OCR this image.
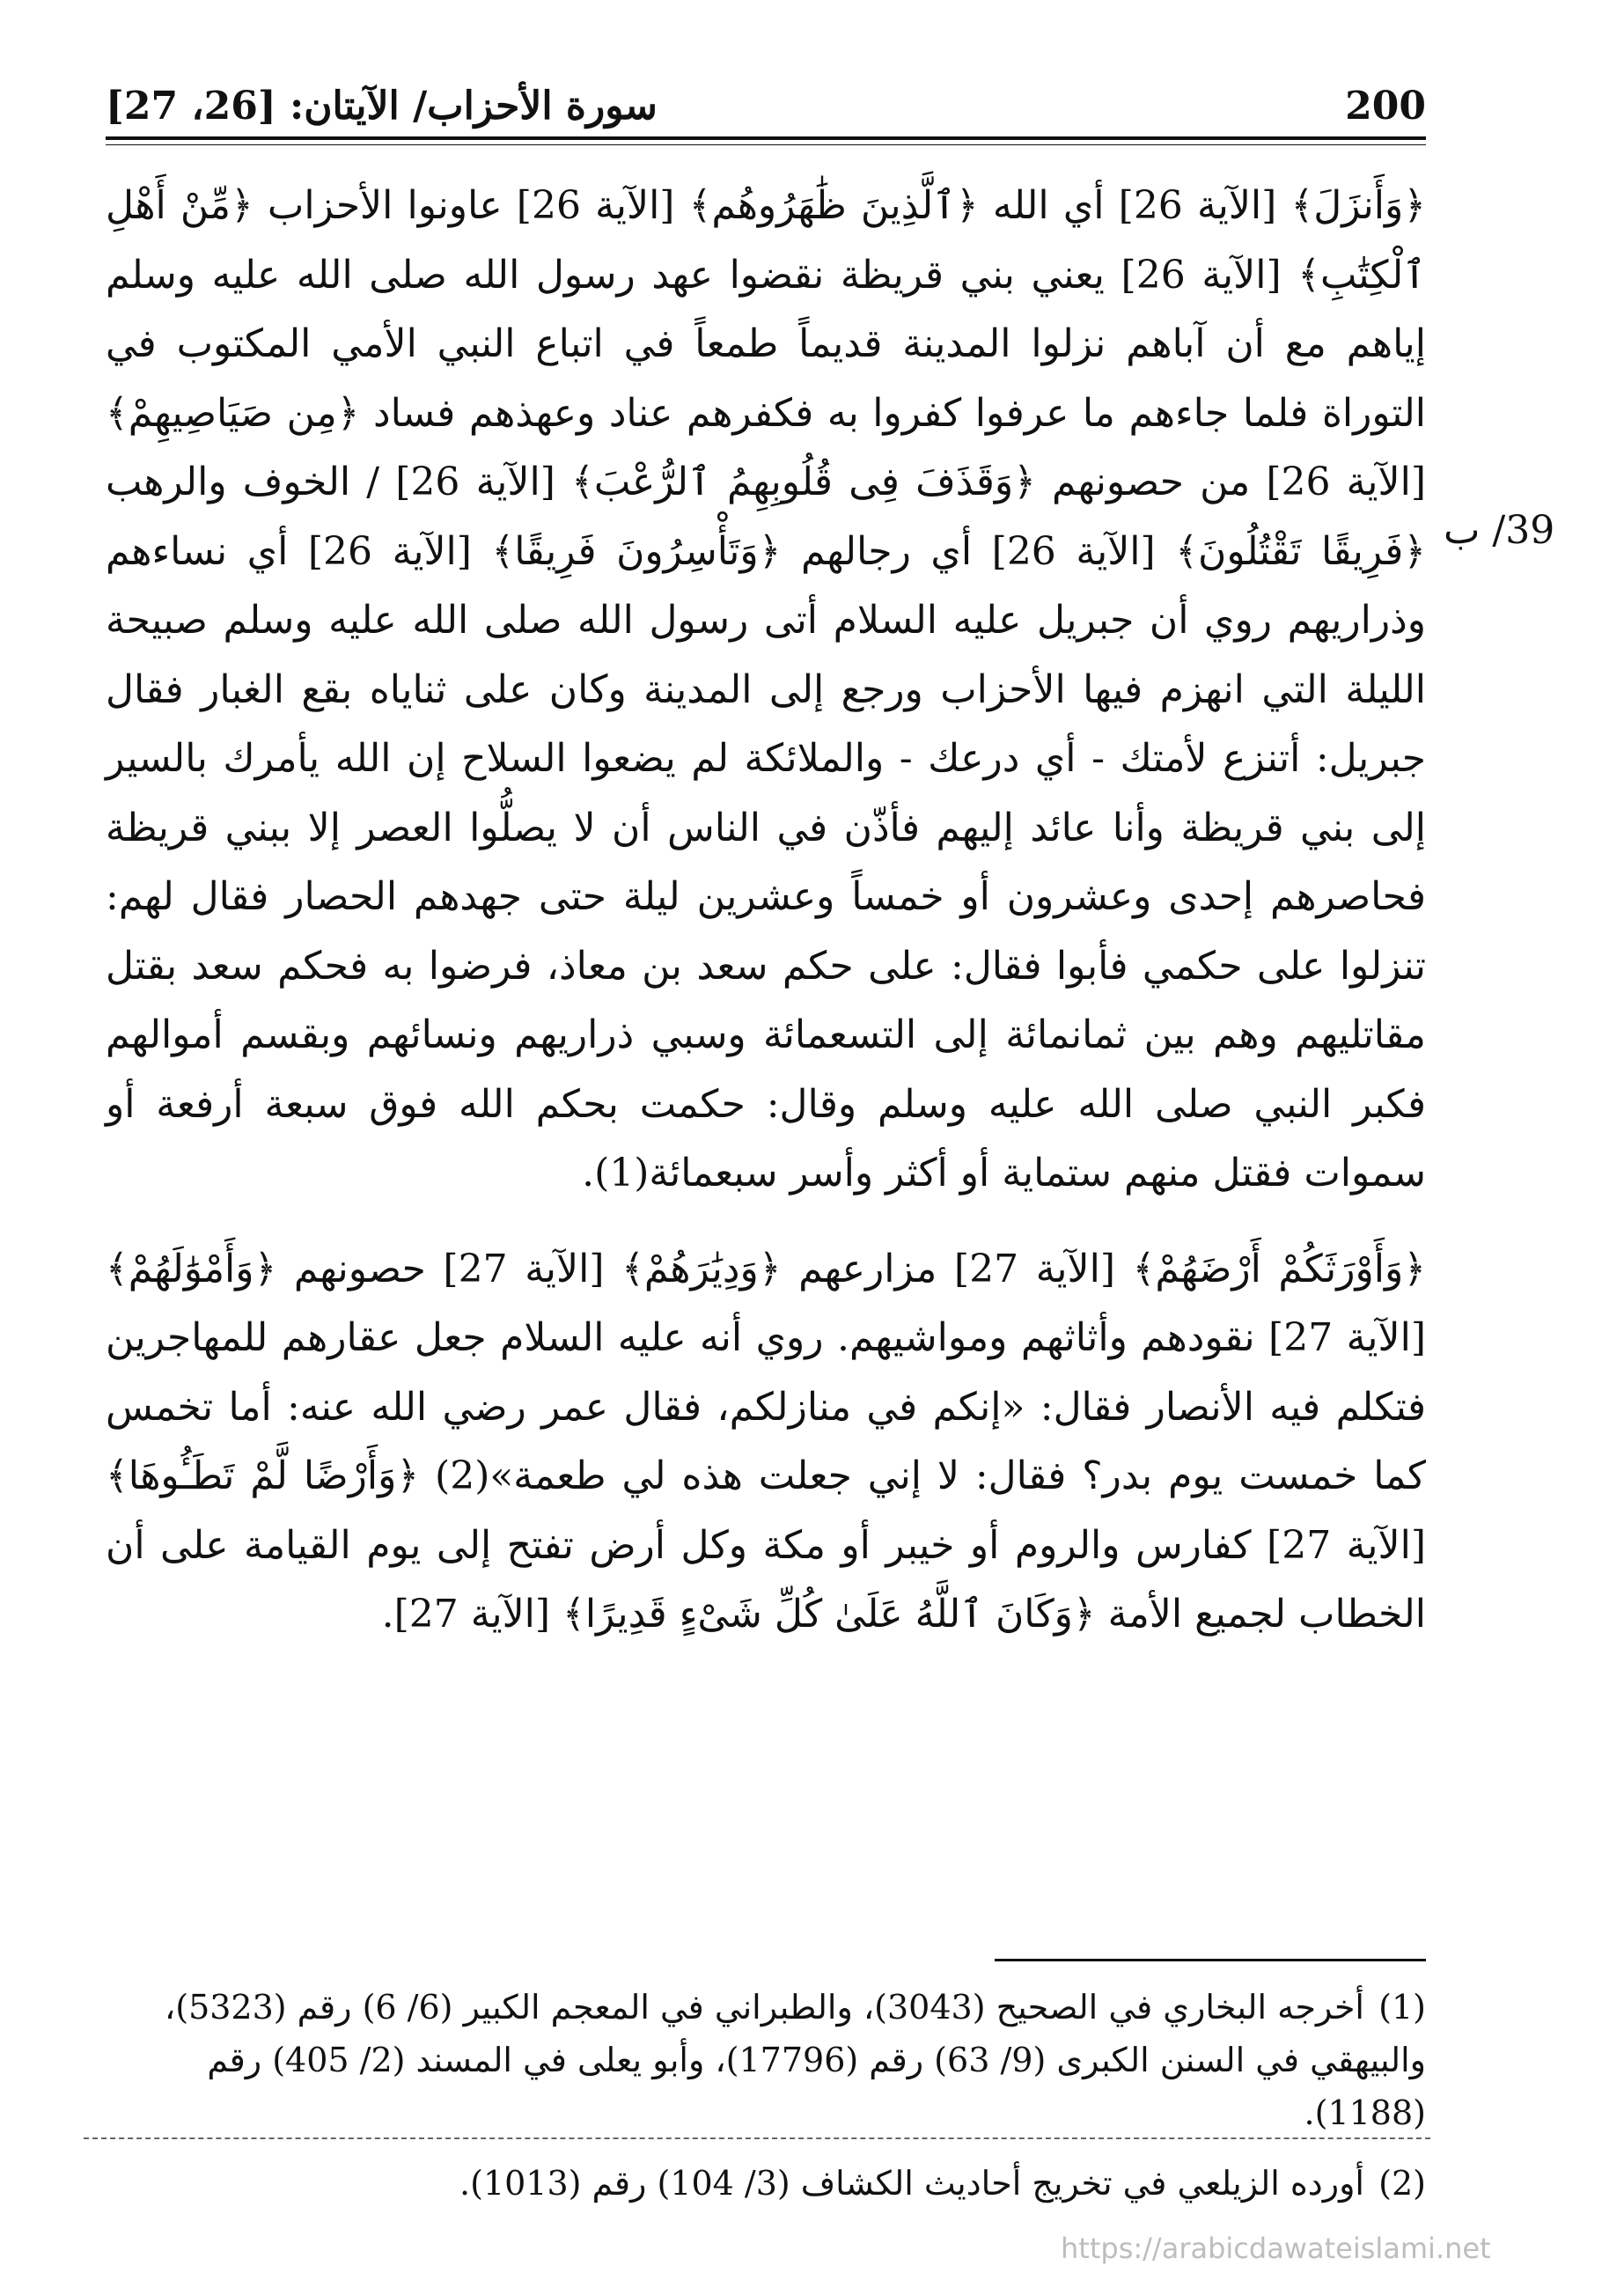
200
سورة الأحزاب/ الآيتان: [26، 27]
39/ ب

﴿وَأَنزَلَ﴾ [الآية 26] أي الله ﴿ٱلَّذِينَ ظَٰهَرُوهُم﴾ [الآية 26] عاونوا الأحزاب ﴿مِّنْ أَهْلِ ٱلْكِتَٰبِ﴾ [الآية 26] يعني بني قريظة نقضوا عهد رسول الله صلى الله عليه وسلم إياهم مع أن آباهم نزلوا المدينة قديماً طمعاً في اتباع النبي الأمي المكتوب في التوراة فلما جاءهم ما عرفوا كفروا به فكفرهم عناد وعهذهم فساد ﴿مِن صَيَاصِيهِمْ﴾ [الآية 26] من حصونهم ﴿وَقَذَفَ فِى قُلُوبِهِمُ ٱلرُّعْبَ﴾ [الآية 26] / الخوف والرهب ﴿فَرِيقًا تَقْتُلُونَ﴾ [الآية 26] أي رجالهم ﴿وَتَأْسِرُونَ فَرِيقًا﴾ [الآية 26] أي نساءهم وذراريهم روي أن جبريل عليه السلام أتى رسول الله صلى الله عليه وسلم صبيحة الليلة التي انهزم فيها الأحزاب ورجع إلى المدينة وكان على ثناياه بقع الغبار فقال جبريل: أتنزع لأمتك - أي درعك - والملائكة لم يضعوا السلاح إن الله يأمرك بالسير إلى بني قريظة وأنا عائد إليهم فأذّن في الناس أن لا يصلُّوا العصر إلا ببني قريظة فحاصرهم إحدى وعشرون أو خمساً وعشرين ليلة حتى جهدهم الحصار فقال لهم: تنزلوا على حكمي فأبوا فقال: على حكم سعد بن معاذ، فرضوا به فحكم سعد بقتل مقاتليهم وهم بين ثمانمائة إلى التسعمائة وسبي ذراريهم ونسائهم وبقسم أموالهم فكبر النبي صلى الله عليه وسلم وقال: حكمت بحكم الله فوق سبعة أرفعة أو سموات فقتل منهم ستماية أو أكثر وأسر سبعمائة(1).

﴿وَأَوْرَثَكُمْ أَرْضَهُمْ﴾ [الآية 27] مزارعهم ﴿وَدِيَٰرَهُمْ﴾ [الآية 27] حصونهم ﴿وَأَمْوَٰلَهُمْ﴾ [الآية 27] نقودهم وأثاثهم ومواشيهم. روي أنه عليه السلام جعل عقارهم للمهاجرين فتكلم فيه الأنصار فقال: «إنكم في منازلكم، فقال عمر رضي الله عنه: أما تخمس كما خمست يوم بدر؟ فقال: لا إني جعلت هذه لي طعمة»(2) ﴿وَأَرْضًا لَّمْ تَطَـُٔوهَا﴾ [الآية 27] كفارس والروم أو خيبر أو مكة وكل أرض تفتح إلى يوم القيامة على أن الخطاب لجميع الأمة ﴿وَكَانَ ٱللَّهُ عَلَىٰ كُلِّ شَىْءٍ قَدِيرًا﴾ [الآية 27].

(1)أخرجه البخاري في الصحيح (3043)، والطبراني في المعجم الكبير (6/ 6) رقم (5323)، والبيهقي في السنن الكبرى (9/ 63) رقم (17796)، وأبو يعلى في المسند (2/ 405) رقم (1188).

(2)أورده الزيلعي في تخريج أحاديث الكشاف (3/ 104) رقم (1013).

https://arabicdawateislami.net
